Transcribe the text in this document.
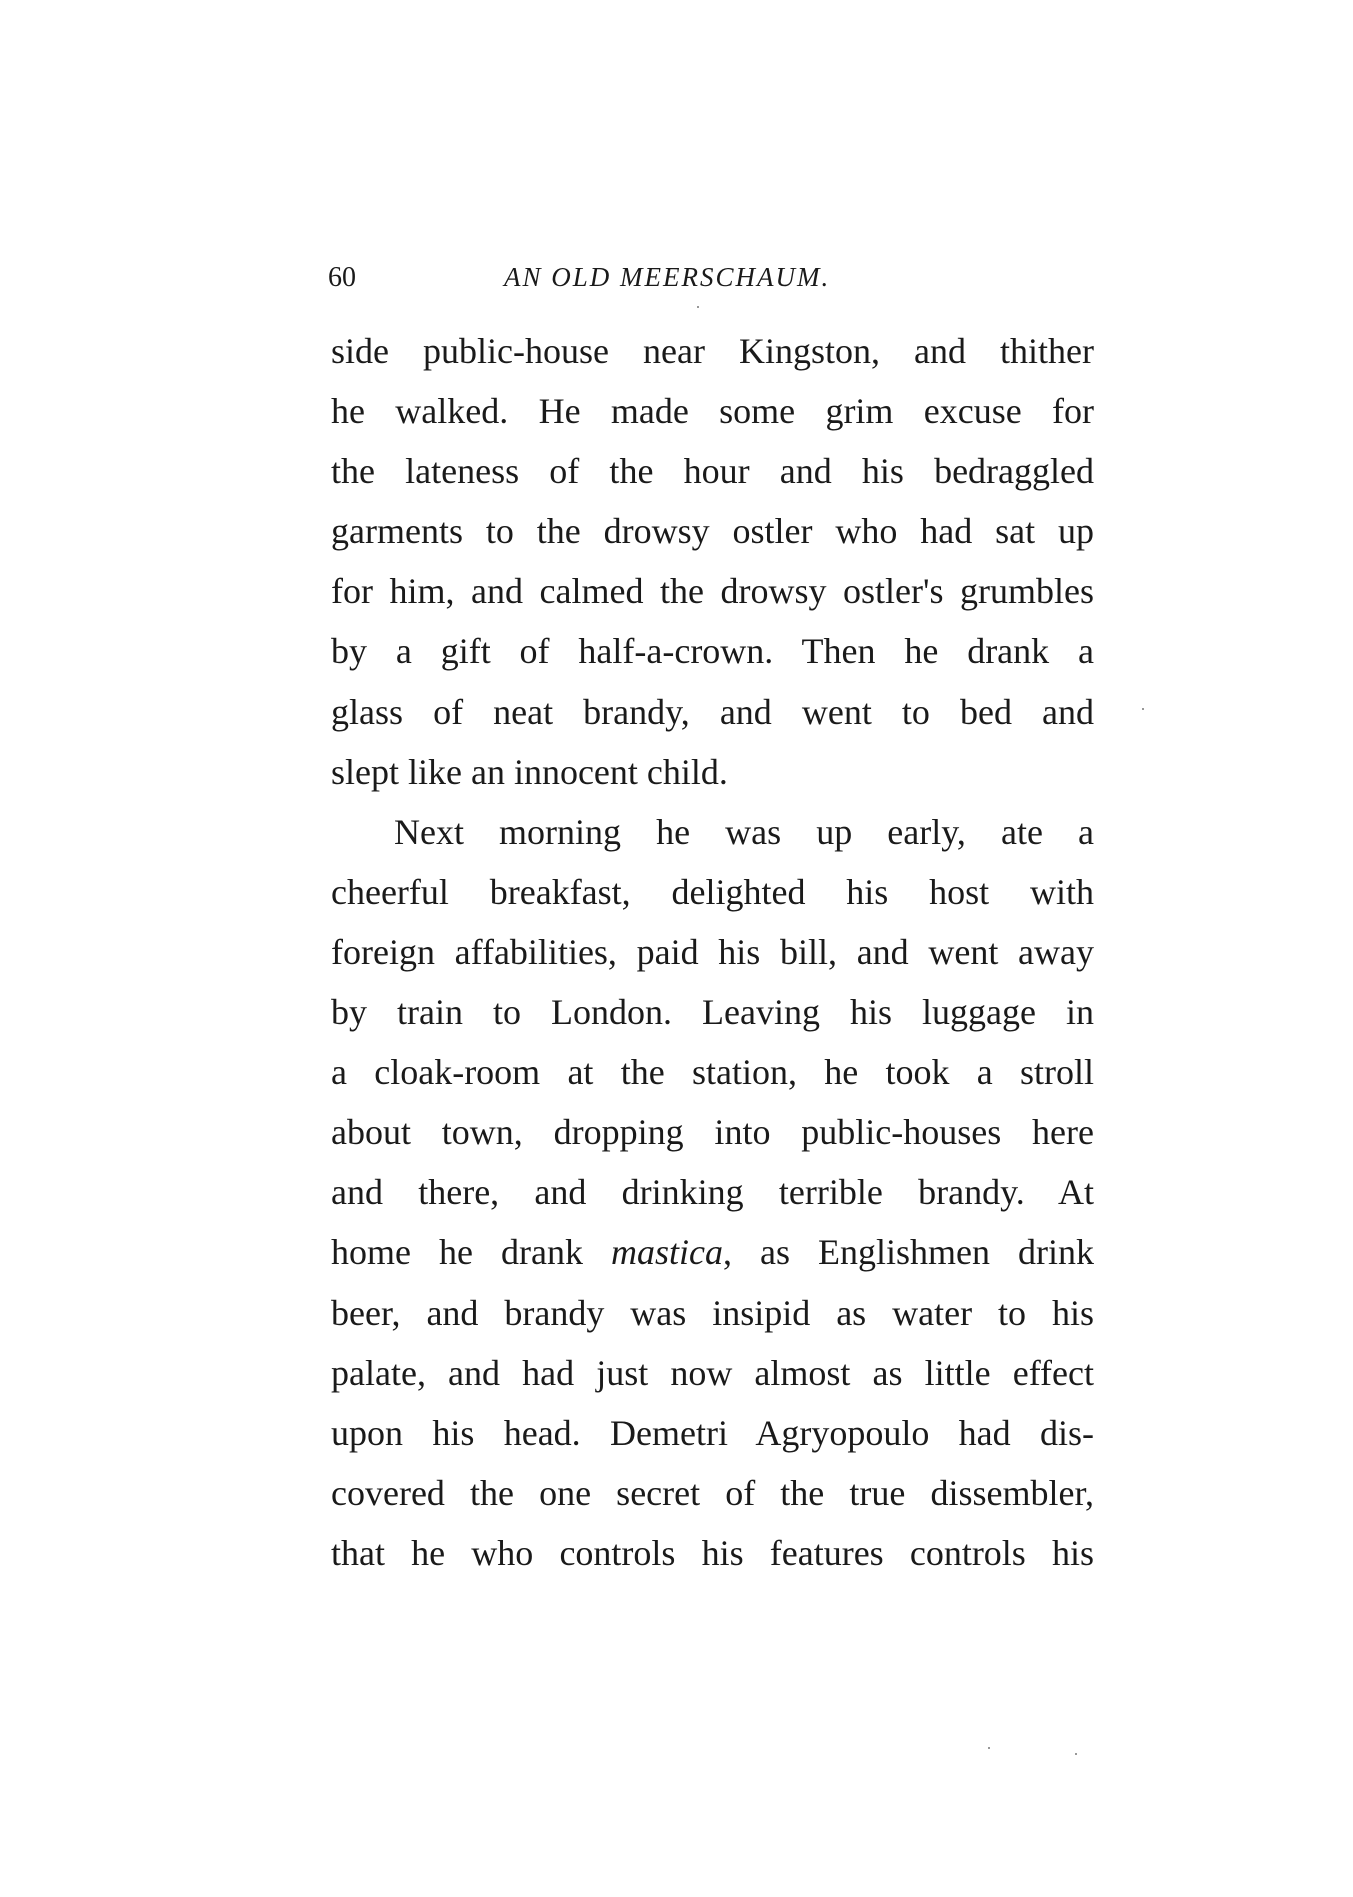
60	AN OLD MEERSCHAUM.
side public-house near Kingston, and thither
he walked. He made some grim excuse for
the lateness of the hour and his bedraggled
garments to the drowsy ostler who had sat up
for him, and calmed the drowsy ostler's grumbles
by a gift of half-a-crown. Then he drank a
glass of neat brandy, and went to bed and
slept like an innocent child.
Next morning he was up early, ate a
cheerful breakfast, delighted his host with
foreign affabilities, paid his bill, and went away
by train to London. Leaving his luggage in
a cloak-room at the station, he took a stroll
about town, dropping into public-houses here
and there, and drinking terrible brandy. At
home he drank mastica, as Englishmen drink
beer, and brandy was insipid as water to his
palate, and had just now almost as little effect
upon his head. Demetri Agryopoulo had dis-
covered the one secret of the true dissembler,
that he who controls his features controls his
